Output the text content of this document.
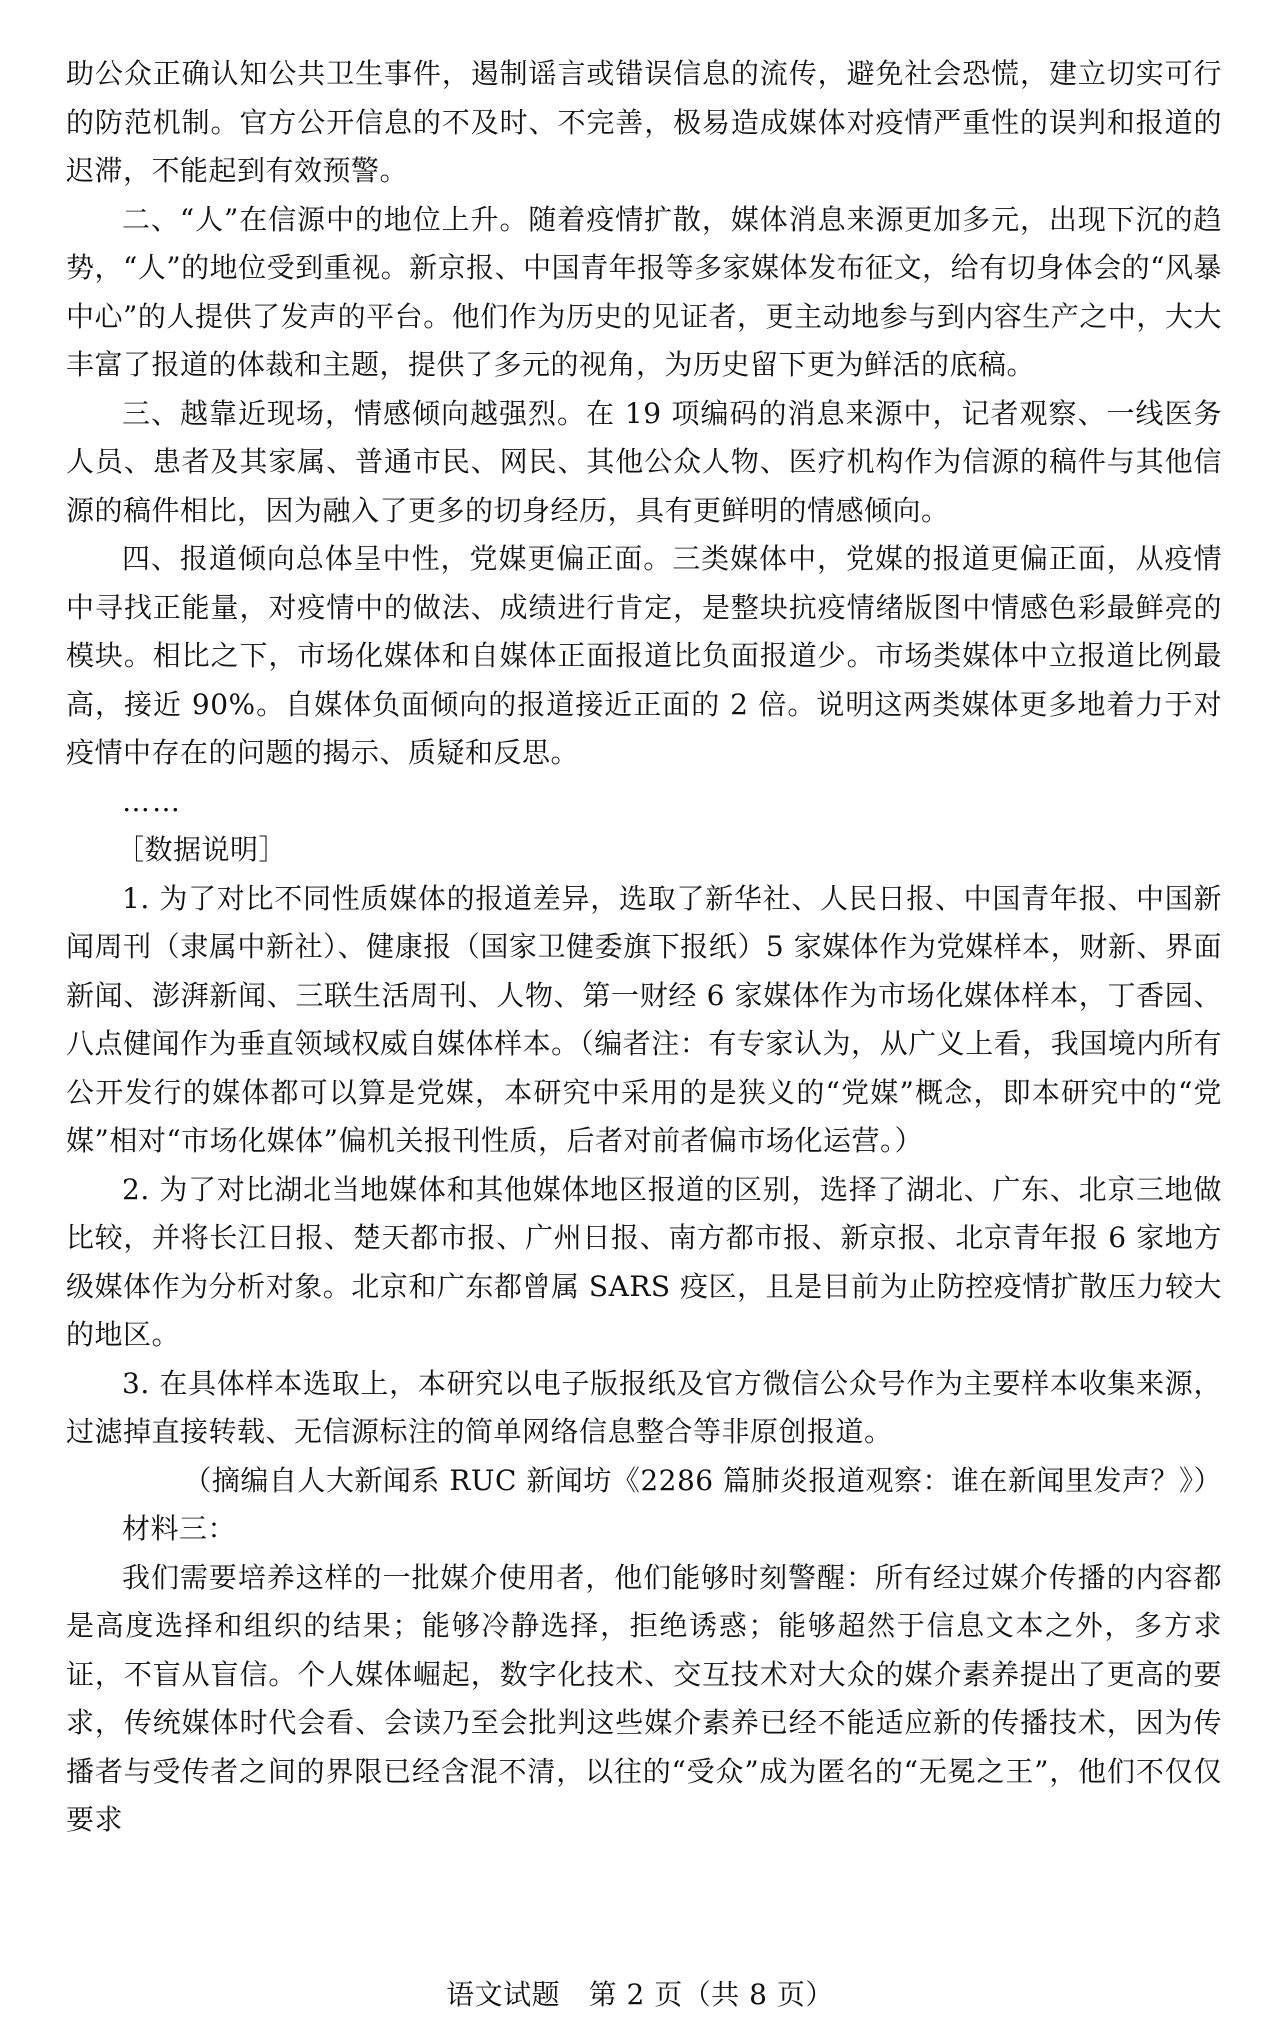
助公众正确认知公共卫生事件，遏制谣言或错误信息的流传，避免社会恐慌，建立切实可行的防范机制。官方公开信息的不及时、不完善，极易造成媒体对疫情严重性的误判和报道的迟滞，不能起到有效预警。

二、“人”在信源中的地位上升。随着疫情扩散，媒体消息来源更加多元，出现下沉的趋势，“人”的地位受到重视。新京报、中国青年报等多家媒体发布征文，给有切身体会的“风暴中心”的人提供了发声的平台。他们作为历史的见证者，更主动地参与到内容生产之中，大大丰富了报道的体裁和主题，提供了多元的视角，为历史留下更为鲜活的底稿。

三、越靠近现场，情感倾向越强烈。在 19 项编码的消息来源中，记者观察、一线医务人员、患者及其家属、普通市民、网民、其他公众人物、医疗机构作为信源的稿件与其他信源的稿件相比，因为融入了更多的切身经历，具有更鲜明的情感倾向。

四、报道倾向总体呈中性，党媒更偏正面。三类媒体中，党媒的报道更偏正面，从疫情中寻找正能量，对疫情中的做法、成绩进行肯定，是整块抗疫情绪版图中情感色彩最鲜亮的模块。相比之下，市场化媒体和自媒体正面报道比负面报道少。市场类媒体中立报道比例最高，接近 90%。自媒体负面倾向的报道接近正面的 2 倍。说明这两类媒体更多地着力于对疫情中存在的问题的揭示、质疑和反思。

……

［数据说明］

1. 为了对比不同性质媒体的报道差异，选取了新华社、人民日报、中国青年报、中国新闻周刊（隶属中新社）、健康报（国家卫健委旗下报纸）5 家媒体作为党媒样本，财新、界面新闻、澎湃新闻、三联生活周刊、人物、第一财经 6 家媒体作为市场化媒体样本，丁香园、八点健闻作为垂直领域权威自媒体样本。（编者注：有专家认为，从广义上看，我国境内所有公开发行的媒体都可以算是党媒，本研究中采用的是狭义的“党媒”概念，即本研究中的“党媒”相对“市场化媒体”偏机关报刊性质，后者对前者偏市场化运营。）

2. 为了对比湖北当地媒体和其他媒体地区报道的区别，选择了湖北、广东、北京三地做比较，并将长江日报、楚天都市报、广州日报、南方都市报、新京报、北京青年报 6 家地方级媒体作为分析对象。北京和广东都曾属 SARS 疫区，且是目前为止防控疫情扩散压力较大的地区。

3. 在具体样本选取上，本研究以电子版报纸及官方微信公众号作为主要样本收集来源，过滤掉直接转载、无信源标注的简单网络信息整合等非原创报道。

（摘编自人大新闻系 RUC 新闻坊《2286 篇肺炎报道观察：谁在新闻里发声？》）

材料三：

我们需要培养这样的一批媒介使用者，他们能够时刻警醒：所有经过媒介传播的内容都是高度选择和组织的结果；能够冷静选择，拒绝诱惑；能够超然于信息文本之外，多方求证，不盲从盲信。个人媒体崛起，数字化技术、交互技术对大众的媒介素养提出了更高的要求，传统媒体时代会看、会读乃至会批判这些媒介素养已经不能适应新的传播技术，因为传播者与受传者之间的界限已经含混不清，以往的“受众”成为匿名的“无冕之王”，他们不仅仅要求

语文试题　第 2 页（共 8 页）
